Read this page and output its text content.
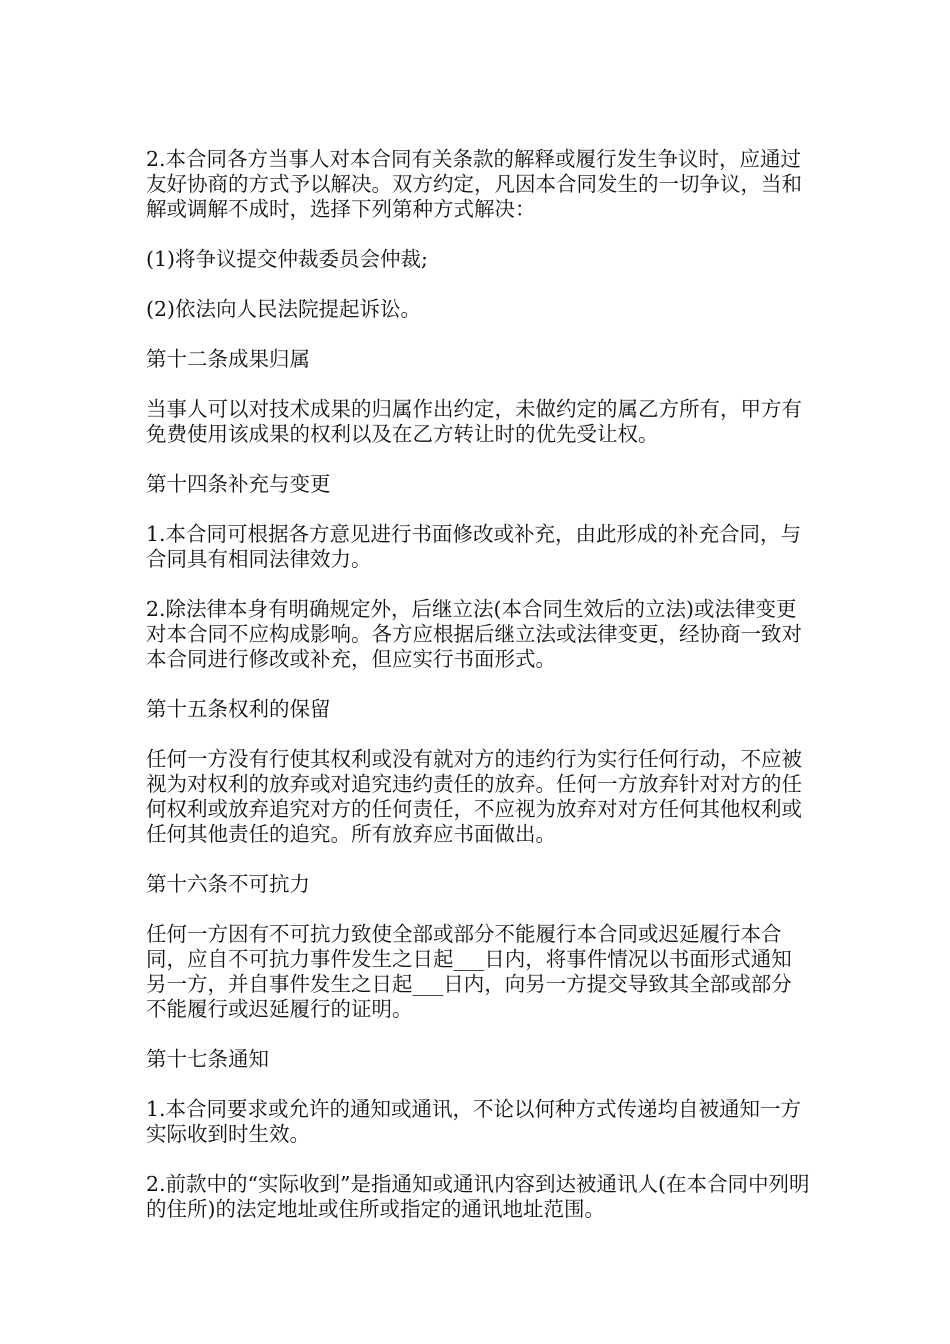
2.本合同各方当事人对本合同有关条款的解释或履行发生争议时，应通过友好协商的方式予以解决。双方约定，凡因本合同发生的一切争议，当和解或调解不成时，选择下列第种方式解决：

(1)将争议提交仲裁委员会仲裁;

(2)依法向人民法院提起诉讼。

第十二条成果归属

当事人可以对技术成果的归属作出约定，未做约定的属乙方所有，甲方有免费使用该成果的权利以及在乙方转让时的优先受让权。

第十四条补充与变更

1.本合同可根据各方意见进行书面修改或补充，由此形成的补充合同，与合同具有相同法律效力。

2.除法律本身有明确规定外，后继立法(本合同生效后的立法)或法律变更对本合同不应构成影响。各方应根据后继立法或法律变更，经协商一致对本合同进行修改或补充，但应实行书面形式。

第十五条权利的保留

任何一方没有行使其权利或没有就对方的违约行为实行任何行动，不应被视为对权利的放弃或对追究违约责任的放弃。任何一方放弃针对对方的任何权利或放弃追究对方的任何责任，不应视为放弃对对方任何其他权利或任何其他责任的追究。所有放弃应书面做出。

第十六条不可抗力

任何一方因有不可抗力致使全部或部分不能履行本合同或迟延履行本合同，应自不可抗力事件发生之日起___日内，将事件情况以书面形式通知另一方，并自事件发生之日起___日内，向另一方提交导致其全部或部分不能履行或迟延履行的证明。

第十七条通知

1.本合同要求或允许的通知或通讯，不论以何种方式传递均自被通知一方实际收到时生效。

2.前款中的“实际收到”是指通知或通讯内容到达被通讯人(在本合同中列明的住所)的法定地址或住所或指定的通讯地址范围。
